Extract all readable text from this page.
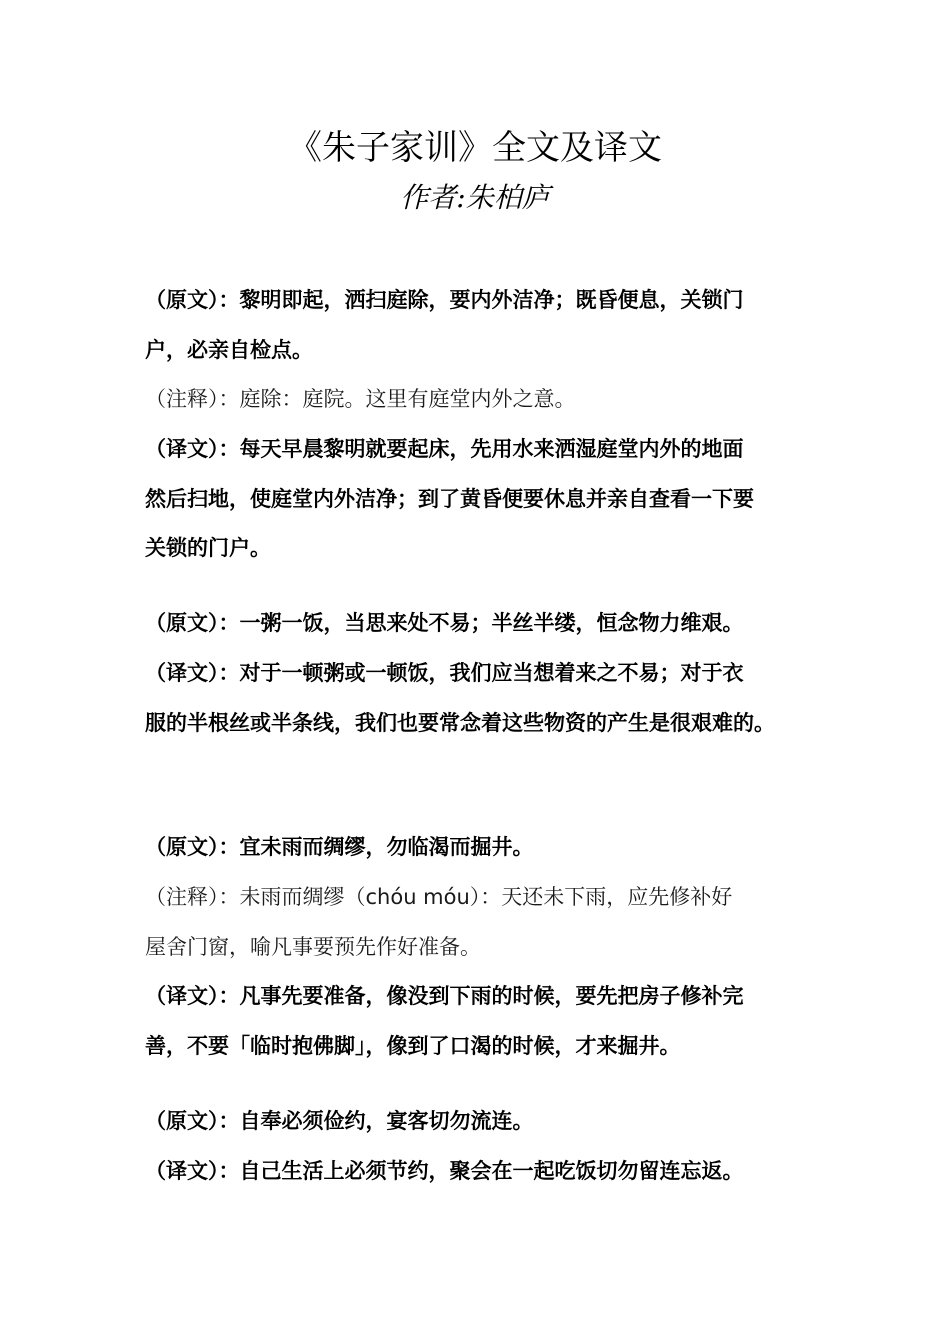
《朱子家训》全文及译文
作者:朱柏庐

（原文）：黎明即起，洒扫庭除，要内外洁净；既昏便息，关锁门

户，必亲自检点。

（注释）：庭除：庭院。这里有庭堂内外之意。

（译文）：每天早晨黎明就要起床，先用水来洒湿庭堂内外的地面

然后扫地，使庭堂内外洁净；到了黄昏便要休息并亲自查看一下要

关锁的门户。

（原文）：一粥一饭，当思来处不易；半丝半缕，恒念物力维艰。

（译文）：对于一顿粥或一顿饭，我们应当想着来之不易；对于衣

服的半根丝或半条线，我们也要常念着这些物资的产生是很艰难的。

（原文）：宜未雨而绸缪，勿临渴而掘井。

（注释）：未雨而绸缪（chóu móu）：天还未下雨，应先修补好

屋舍门窗，喻凡事要预先作好准备。

（译文）：凡事先要准备，像没到下雨的时候，要先把房子修补完

善，不要「临时抱佛脚」，像到了口渴的时候，才来掘井。

（原文）：自奉必须俭约，宴客切勿流连。

（译文）：自己生活上必须节约，聚会在一起吃饭切勿留连忘返。
